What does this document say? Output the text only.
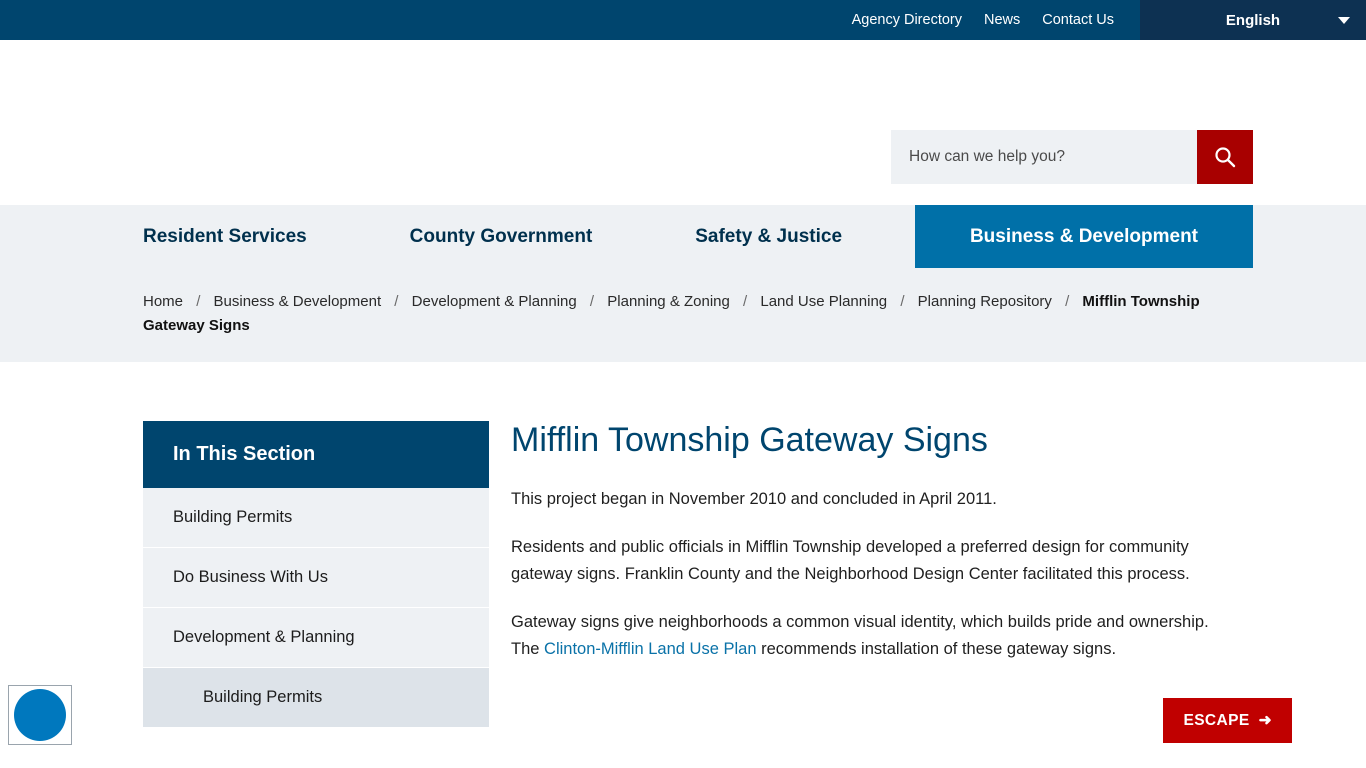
Agency Directory News Contact Us	English
How can we help you?
Resident Services	County Government	Safety & Justice	Business & Development
Home / Business & Development / Development & Planning / Planning & Zoning / Land Use Planning / Planning Repository / Mifflin Township Gateway Signs
In This Section
Building Permits
Do Business With Us
Development & Planning
Building Permits
Mifflin Township Gateway Signs

This project began in November 2010 and concluded in April 2011.

Residents and public officials in Mifflin Township developed a preferred design for community gateway signs. Franklin County and the Neighborhood Design Center facilitated this process.

Gateway signs give neighborhoods a common visual identity, which builds pride and ownership. The Clinton-Mifflin Land Use Plan recommends installation of these gateway signs.

ESCAPE ➜
